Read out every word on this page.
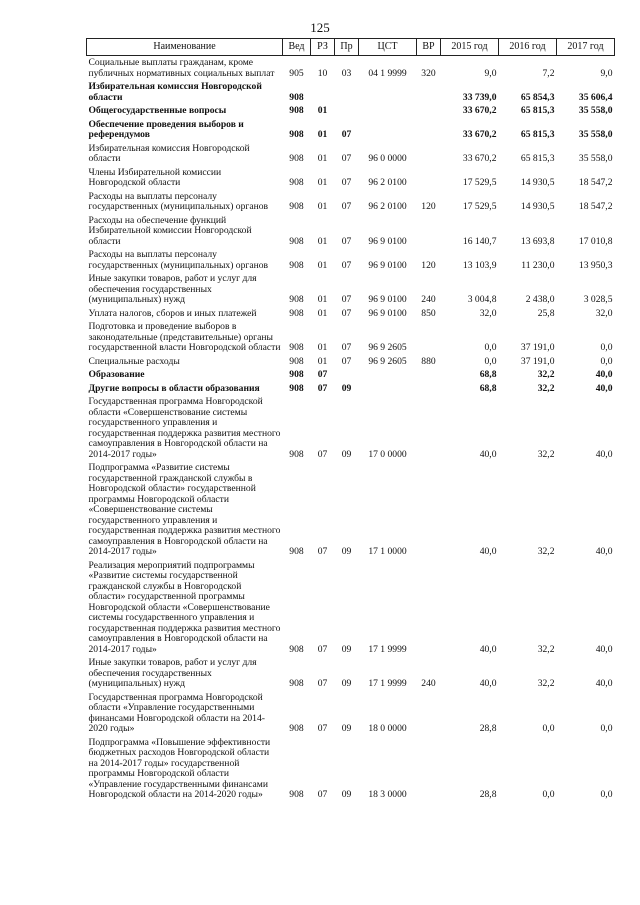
125
Наименование	Вед	РЗ	Пр	ЦСТ	ВР	2015 год	2016 год	2017 год
Социальные выплаты гражданам, кроме публичных нормативных социальных выплат	905	10	03	04 1 9999	320	9,0	7,2	9,0
Избирательная комиссия Новгородской области	908					33 739,0	65 854,3	35 606,4
Общегосударственные вопросы	908	01				33 670,2	65 815,3	35 558,0
Обеспечение проведения выборов и референдумов	908	01	07			33 670,2	65 815,3	35 558,0
Избирательная комиссия Новгородской области	908	01	07	96 0 0000		33 670,2	65 815,3	35 558,0
Члены Избирательной комиссии Новгородской области	908	01	07	96 2 0100		17 529,5	14 930,5	18 547,2
Расходы на выплаты персоналу государственных (муниципальных) органов	908	01	07	96 2 0100	120	17 529,5	14 930,5	18 547,2
Расходы на обеспечение функций Избирательной комиссии Новгородской области	908	01	07	96 9 0100		16 140,7	13 693,8	17 010,8
Расходы на выплаты персоналу государственных (муниципальных) органов	908	01	07	96 9 0100	120	13 103,9	11 230,0	13 950,3
Иные закупки товаров, работ и услуг для обеспечения государственных (муниципальных) нужд	908	01	07	96 9 0100	240	3 004,8	2 438,0	3 028,5
Уплата налогов, сборов и иных платежей	908	01	07	96 9 0100	850	32,0	25,8	32,0
Подготовка и проведение выборов в законодательные (представительные) органы государственной власти Новгородской области	908	01	07	96 9 2605		0,0	37 191,0	0,0
Специальные расходы	908	01	07	96 9 2605	880	0,0	37 191,0	0,0
Образование	908	07				68,8	32,2	40,0
Другие вопросы в области образования	908	07	09			68,8	32,2	40,0
Государственная программа Новгородской области «Совершенствование системы государственного управления и государственная поддержка развития местного самоуправления в Новгородской области на 2014-2017 годы»	908	07	09	17 0 0000		40,0	32,2	40,0
Подпрограмма «Развитие системы государственной гражданской службы в Новгородской области» государственной программы Новгородской области «Совершенствование системы государственного управления и государственная поддержка развития местного самоуправления в Новгородской области на 2014-2017 годы»	908	07	09	17 1 0000		40,0	32,2	40,0
Реализация мероприятий подпрограммы «Развитие системы государственной гражданской службы в Новгородской области» государственной программы Новгородской области «Совершенствование системы государственного управления и государственная поддержка развития местного самоуправления в Новгородской области на 2014-2017 годы»	908	07	09	17 1 9999		40,0	32,2	40,0
Иные закупки товаров, работ и услуг для обеспечения государственных (муниципальных) нужд	908	07	09	17 1 9999	240	40,0	32,2	40,0
Государственная программа Новгородской области «Управление государственными финансами Новгородской области на 2014-2020 годы»	908	07	09	18 0 0000		28,8	0,0	0,0
Подпрограмма «Повышение эффективности бюджетных расходов Новгородской области на 2014-2017 годы» государственной программы Новгородской области «Управление государственными финансами Новгородской области на 2014-2020 годы»	908	07	09	18 3 0000		28,8	0,0	0,0
